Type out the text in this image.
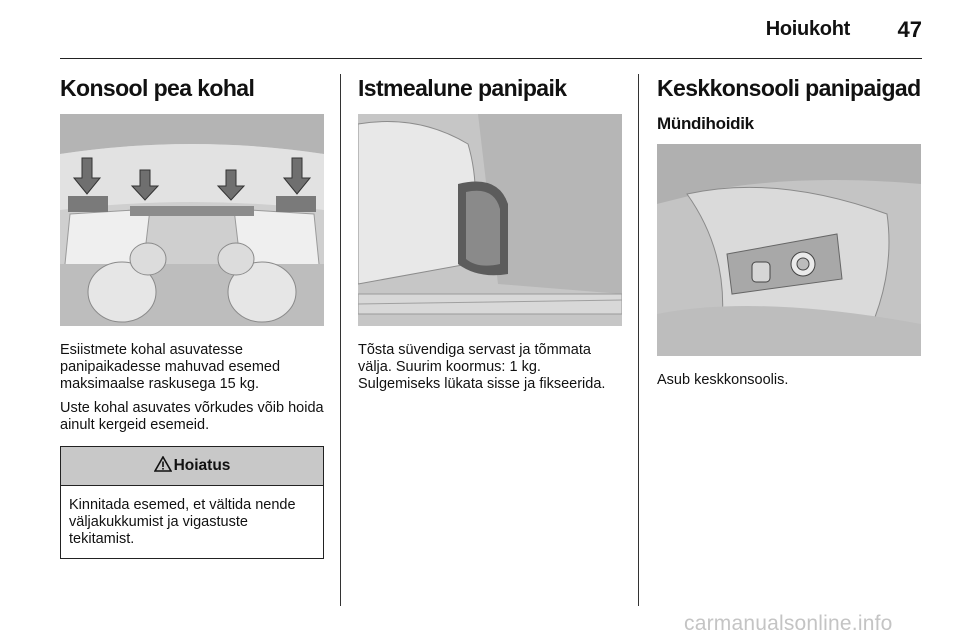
Hoiukoht	47
Konsool pea kohal

Esiistmete kohal asuvatesse panipaikadesse mahuvad esemed maksimaalse raskusega 15 kg.

Uste kohal asuvates võrkudes võib hoida ainult kergeid esemeid.

Hoiatus
Kinnitada esemed, et vältida nende väljakukkumist ja vigastuste tekitamist.
Istmealune panipaik

Tõsta süvendiga servast ja tõmmata välja. Suurim koormus: 1 kg. Sulgemiseks lükata sisse ja fikseerida.

Keskkonsooli panipaigad
Mündihoidik

Asub keskkonsoolis.

carmanualsonline.info
